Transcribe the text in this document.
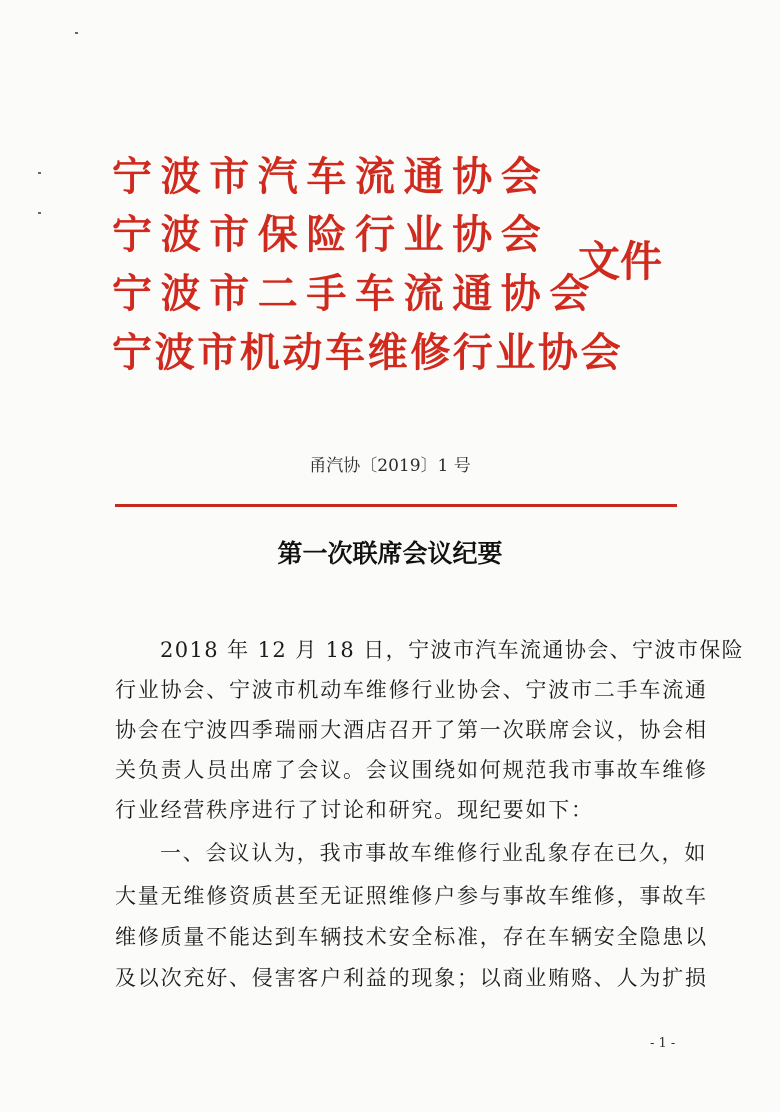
宁波市汽车流通协会
宁波市保险行业协会
宁波市二手车流通协会
宁波市机动车维修行业协会
文件
甬汽协〔2019〕1 号
第一次联席会议纪要
2018 年 12 月 18 日，宁波市汽车流通协会、宁波市保险
行业协会、宁波市机动车维修行业协会、宁波市二手车流通
协会在宁波四季瑞丽大酒店召开了第一次联席会议，协会相
关负责人员出席了会议。会议围绕如何规范我市事故车维修
行业经营秩序进行了讨论和研究。现纪要如下：
一、会议认为，我市事故车维修行业乱象存在已久，如
大量无维修资质甚至无证照维修户参与事故车维修，事故车
维修质量不能达到车辆技术安全标准，存在车辆安全隐患以
及以次充好、侵害客户利益的现象；以商业贿赂、人为扩损
- 1 -
